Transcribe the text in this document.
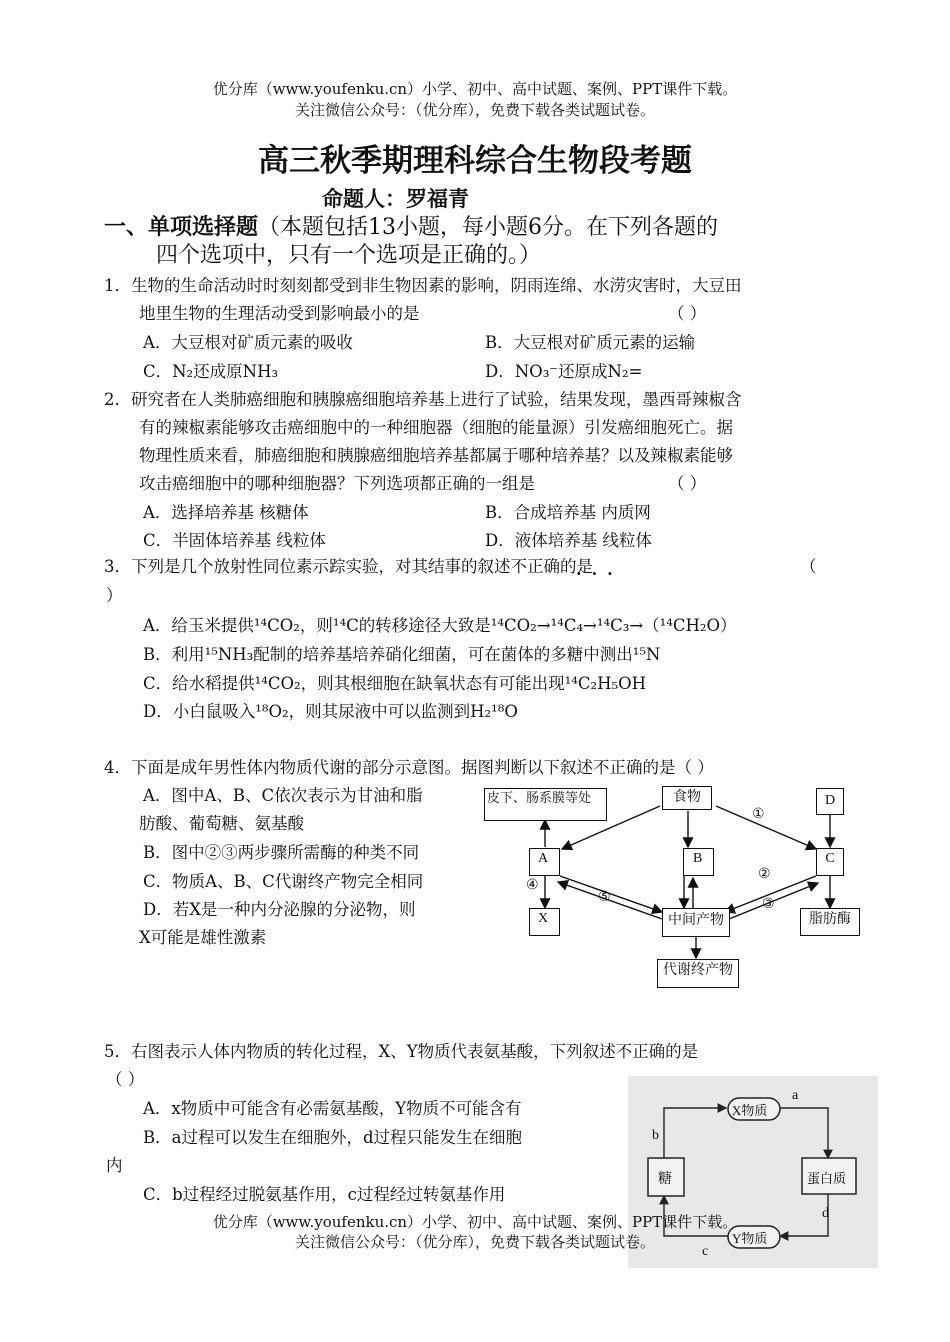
优分库（www.youfenku.cn）小学、初中、高中试题、案例、PPT课件下载。
关注微信公众号：（优分库），免费下载各类试题试卷。
高三秋季期理科综合生物段考题
命题人：罗福青
一、单项选择题（本题包括13小题，每小题6分。在下列各题的
四个选项中，只有一个选项是正确的。）
1．生物的生命活动时时刻刻都受到非生物因素的影响，阴雨连绵、水涝灾害时，大豆田
地里生物的生理活动受到影响最小的是	（ ）
A．大豆根对矿质元素的吸收	B．大豆根对矿质元素的运输
C．N₂还成原NH₃	D．NO₃⁻还原成N₂=
2．研究者在人类肺癌细胞和胰腺癌细胞培养基上进行了试验，结果发现，墨西哥辣椒含
有的辣椒素能够攻击癌细胞中的一种细胞器（细胞的能量源）引发癌细胞死亡。据
物理性质来看，肺癌细胞和胰腺癌细胞培养基都属于哪种培养基？以及辣椒素能够
攻击癌细胞中的哪种细胞器？下列选项都正确的一组是	（ ）
A．选择培养基 核糖体	B．合成培养基 内质网
C．半固体培养基 线粒体	D．液体培养基 线粒体
3．下列是几个放射性同位素示踪实验，对其结事的叙述不正确的是
···	（
）
A．给玉米提供¹⁴CO₂，则¹⁴C的转移途径大致是¹⁴CO₂→¹⁴C₄→¹⁴C₃→（¹⁴CH₂O）
B．利用¹⁵NH₃配制的培养基培养硝化细菌，可在菌体的多糖中测出¹⁵N
C．给水稻提供¹⁴CO₂，则其根细胞在缺氧状态有可能出现¹⁴C₂H₅OH
D．小白鼠吸入¹⁸O₂，则其尿液中可以监测到H₂¹⁸O
4．下面是成年男性体内物质代谢的部分示意图。据图判断以下叙述不正确的是（ ）
A．图中A、B、C依次表示为甘油和脂
肪酸、葡萄糖、氨基酸
B．图中②③两步骤所需酶的种类不同
C．物质A、B、C代谢终产物完全相同
D．若X是一种内分泌腺的分泌物，则
X可能是雄性激素
皮下、肠系膜等处	食物	D
A	B	C
X	中间产物	脂肪酶
代谢终产物
①
②
③
④
⑤
5．右图表示人体内物质的转化过程，X、Y物质代表氨基酸，下列叙述不正确的是
（ ）
A．x物质中可能含有必需氨基酸，Y物质不可能含有
B．a过程可以发生在细胞外，d过程只能发生在细胞
内
C．b过程经过脱氨基作用，c过程经过转氨基作用
X物质
Y物质
糖	蛋白质
a
b
c
d
优分库（www.youfenku.cn）小学、初中、高中试题、案例、PPT课件下载。
关注微信公众号：（优分库），免费下载各类试题试卷。
